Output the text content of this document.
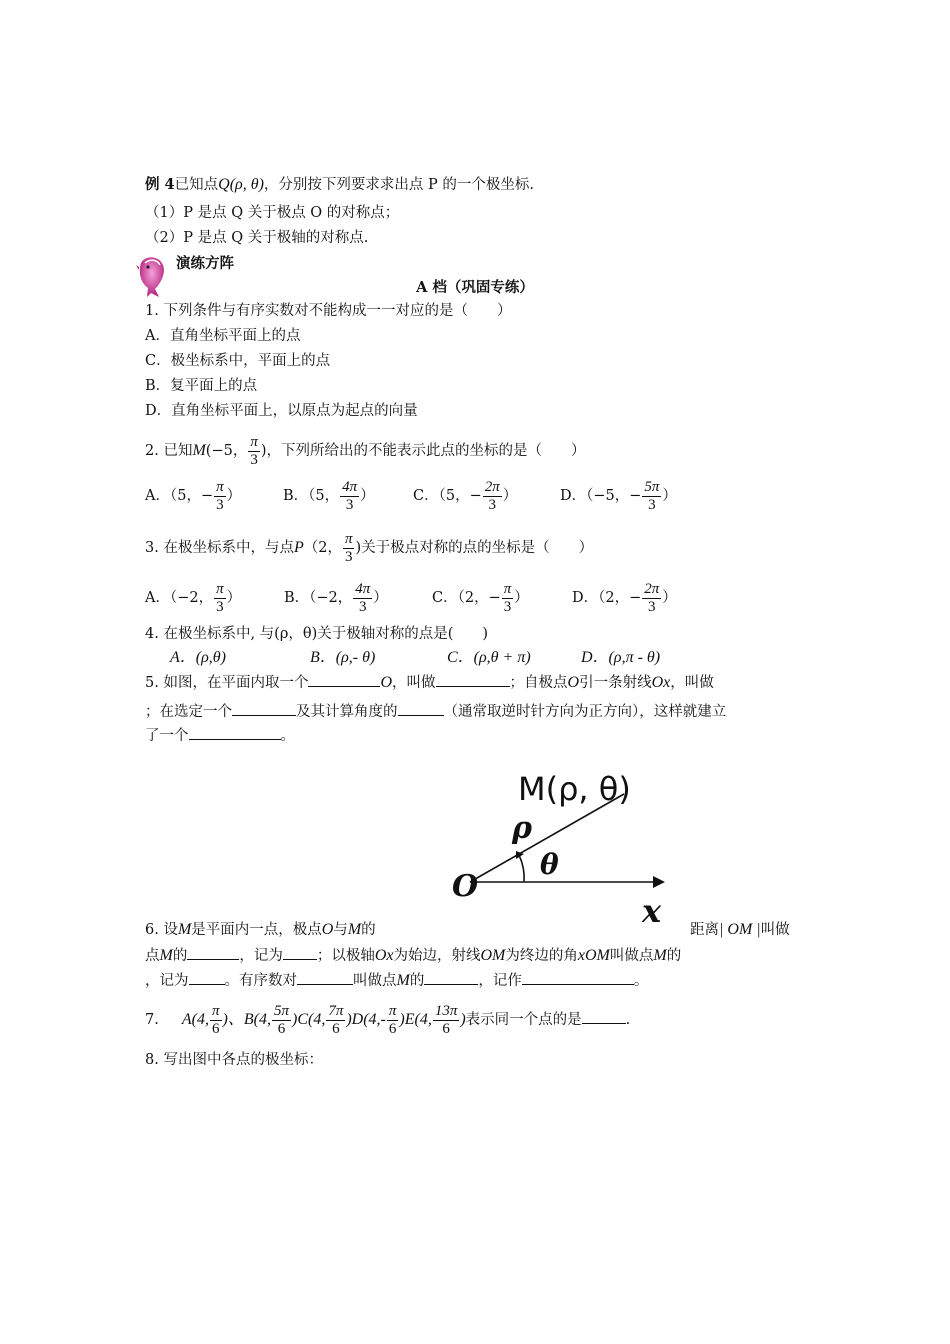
例 4已知点Q(ρ, θ)，分别按下列要求求出点 P 的一个极坐标.
（1）P 是点 Q 关于极点 O 的对称点；
（2）P 是点 Q 关于极轴的对称点.
演练方阵
A 档（巩固专练）
1. 下列条件与有序实数对不能构成一一对应的是（　　）
A．直角坐标平面上的点
C．极坐标系中，平面上的点
B．复平面上的点
D．直角坐标平面上，以原点为起点的向量
2. 已知M(−5， $\frac{\pi}{3}$ )，下列所给出的不能表示此点的坐标的是（　　）
A．（5，− $\frac{\pi}{3}$ ）	B．（5， $\frac{4\pi}{3}$ ）	C．（5，− $\frac{2\pi}{3}$ ）	D．（−5，− $\frac{5\pi}{3}$ ）
3. 在极坐标系中，与点P（2， $\frac{\pi}{3}$ )关于极点对称的点的坐标是（　　）
A．（−2， $\frac{\pi}{3}$ ）	B．（−2， $\frac{4\pi}{3}$ ）	C．（2，− $\frac{\pi}{3}$ ）	D．（2，− $\frac{2\pi}{3}$ ）
4. 在极坐标系中, 与(ρ，θ)关于极轴对称的点是(　　)
A．(ρ,θ)	B．(ρ,- θ)	C．(ρ,θ + π)	D．(ρ,π - θ)
5. 如图，在平面内取一个	O，叫做	；自极点O引一条射线Ox，叫做
；在选定一个	及其计算角度的	（通常取逆时针方向为正方向），这样就建立
了一个	。
M(ρ, θ)
ρ
θ
O
x
6. 设M是平面内一点，极点O与M的	距离| OM |叫做
点M的	，记为 ；以极轴Ox为始边，射线OM为终边的角xOM叫做点M的
，记为 。有序数对	叫做点M的	，记作	。
7. A(4, $\frac{\pi}{6}$ )、B(4, $\frac{5\pi}{6} )C(4$, $\frac{7\pi}{6} )D(4,- \frac{\pi}{6} )E(4$, $\frac{13\pi}{6}$ )表示同一个点的是	.
8. 写出图中各点的极坐标：
